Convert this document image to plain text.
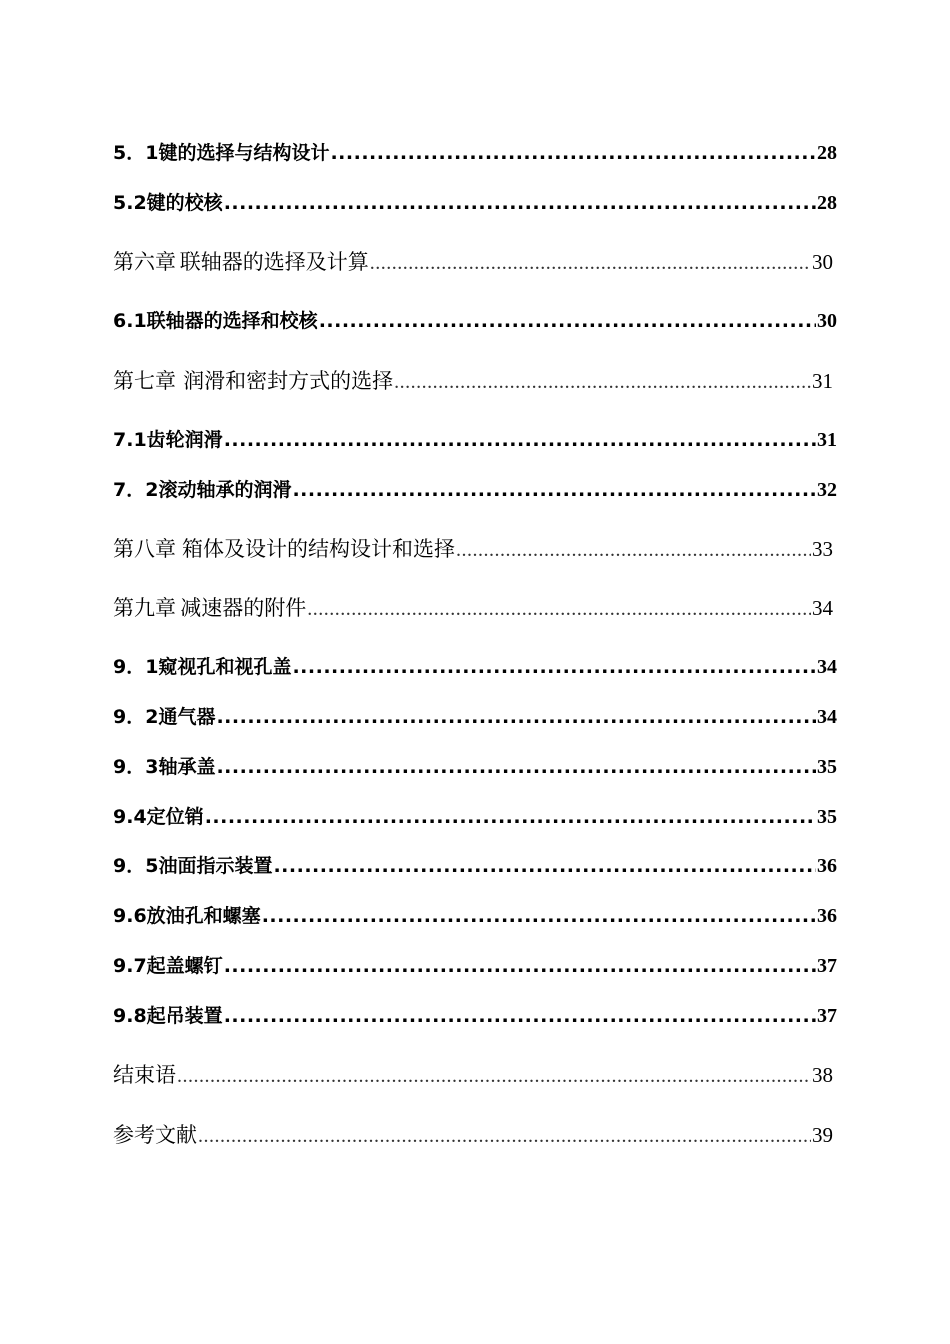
5．1 键的选择与结构设计 .....	28
5.2 键的校核 .....	28
第六章 联轴器的选择及计算 .....	30
6.1 联轴器的选择和校核 .....	30
第七章 润滑和密封方式的选择 .....	31
7.1 齿轮润滑 .....	31
7．2 滚动轴承的润滑 .....	32
第八章 箱体及设计的结构设计和选择 .....	33
第九章 减速器的附件 .....	34
9．1 窥视孔和视孔盖 .....	34
9．2 通气器 .....	34
9．3 轴承盖 .....	35
9.4 定位销 .....	35
9．5 油面指示装置 .....	36
9.6 放油孔和螺塞 .....	36
9.7 起盖螺钉 .....	37
9.8 起吊装置 .....	37
结束语 .....	38
参考文献 .....	39
